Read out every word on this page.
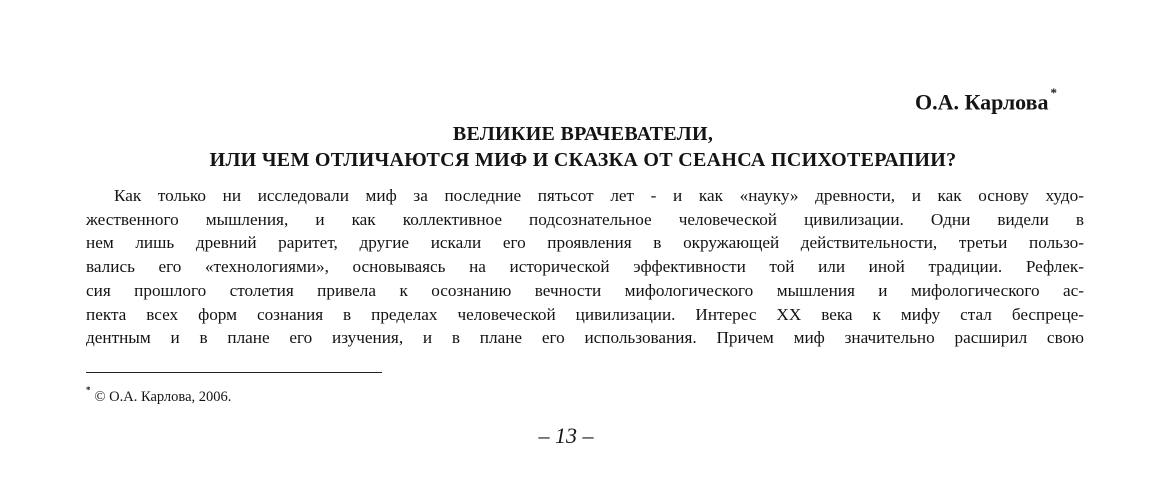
О.А. Карлова *
ВЕЛИКИЕ ВРАЧЕВАТЕЛИ,
ИЛИ ЧЕМ ОТЛИЧАЮТСЯ МИФ И СКАЗКА ОТ СЕАНСА ПСИХОТЕРАПИИ?
Как только ни исследовали миф за последние пятьсот лет - и как «науку» древности, и как основу худо-
жественного мышления, и как коллективное подсознательное человеческой цивилизации. Одни видели в
нем лишь древний раритет, другие искали его проявления в окружающей действительности, третьи пользо-
вались его «технологиями», основываясь на исторической эффективности той или иной традиции. Рефлек-
сия прошлого столетия привела к осознанию вечности мифологического мышления и мифологического ас-
пекта всех форм сознания в пределах человеческой цивилизации. Интерес ХХ века к мифу стал беспреце-
дентным и в плане его изучения, и в плане его использования. Причем миф значительно расширил свою
* © О.А. Карлова, 2006.
– 13 –
